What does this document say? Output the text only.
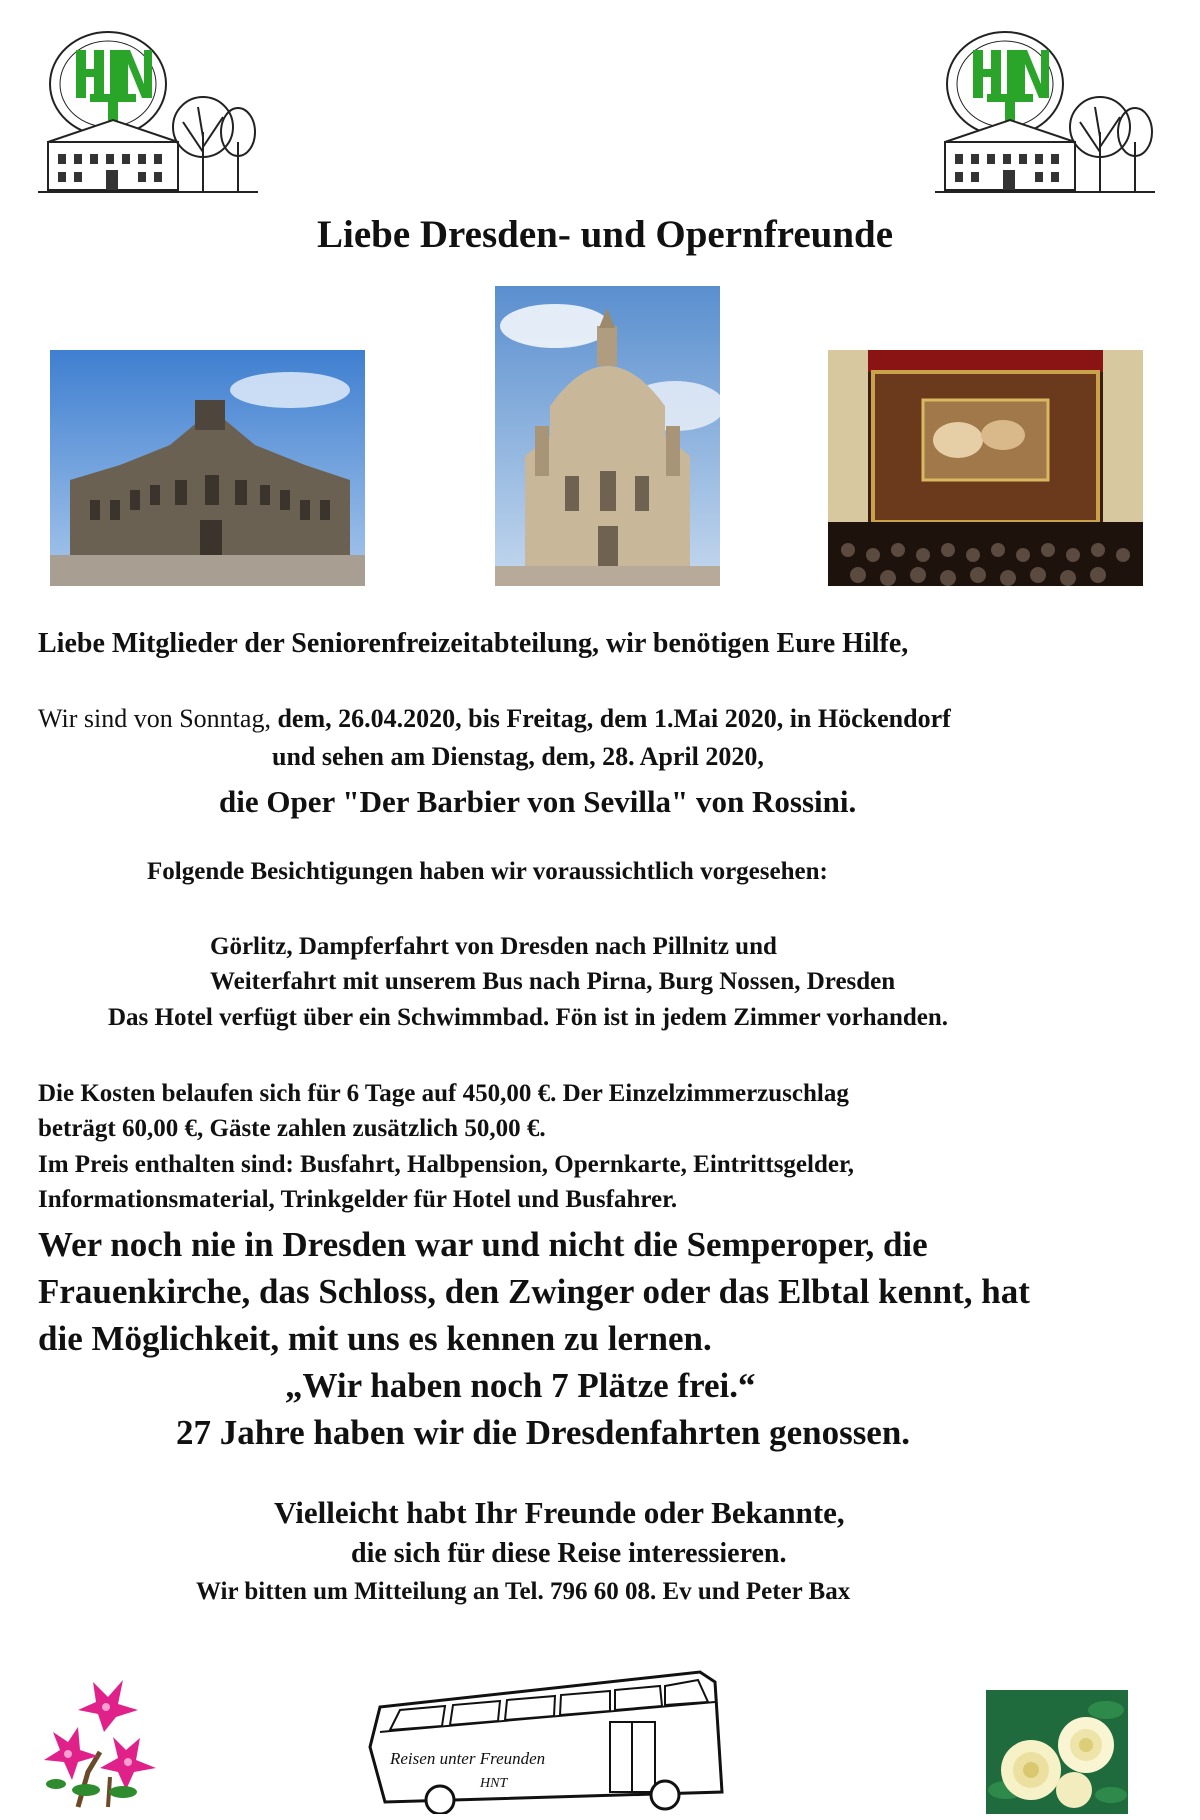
Liebe Dresden- und Opernfreunde
Liebe Mitglieder der Seniorenfreizeitabteilung, wir benötigen Eure Hilfe,
Wir sind von Sonntag, dem, 26.04.2020, bis Freitag, dem 1.Mai 2020, in Höckendorf
und sehen am Dienstag, dem, 28. April 2020,
die Oper "Der Barbier von Sevilla" von Rossini.
Folgende Besichtigungen haben wir voraussichtlich vorgesehen:
Görlitz, Dampferfahrt von Dresden nach Pillnitz und
Weiterfahrt mit unserem Bus nach Pirna, Burg Nossen, Dresden
Das Hotel verfügt über ein Schwimmbad. Fön ist in jedem Zimmer vorhanden.
Die Kosten belaufen sich für 6 Tage auf 450,00 €. Der Einzelzimmerzuschlag
beträgt 60,00 €, Gäste zahlen zusätzlich 50,00 €.
Im Preis enthalten sind: Busfahrt, Halbpension, Opernkarte, Eintrittsgelder,
Informationsmaterial, Trinkgelder für Hotel und Busfahrer.
Wer noch nie in Dresden war und nicht die Semperoper, die
Frauenkirche, das Schloss, den Zwinger oder das Elbtal kennt, hat
die Möglichkeit, mit uns es kennen zu lernen.
„Wir haben noch 7 Plätze frei.“
27 Jahre haben wir die Dresdenfahrten genossen.
Vielleicht habt Ihr Freunde oder Bekannte,
die sich für diese Reise interessieren.
Wir bitten um Mitteilung an Tel. 796 60 08. Ev und Peter Bax
Reisen unter Freunden
HNT
